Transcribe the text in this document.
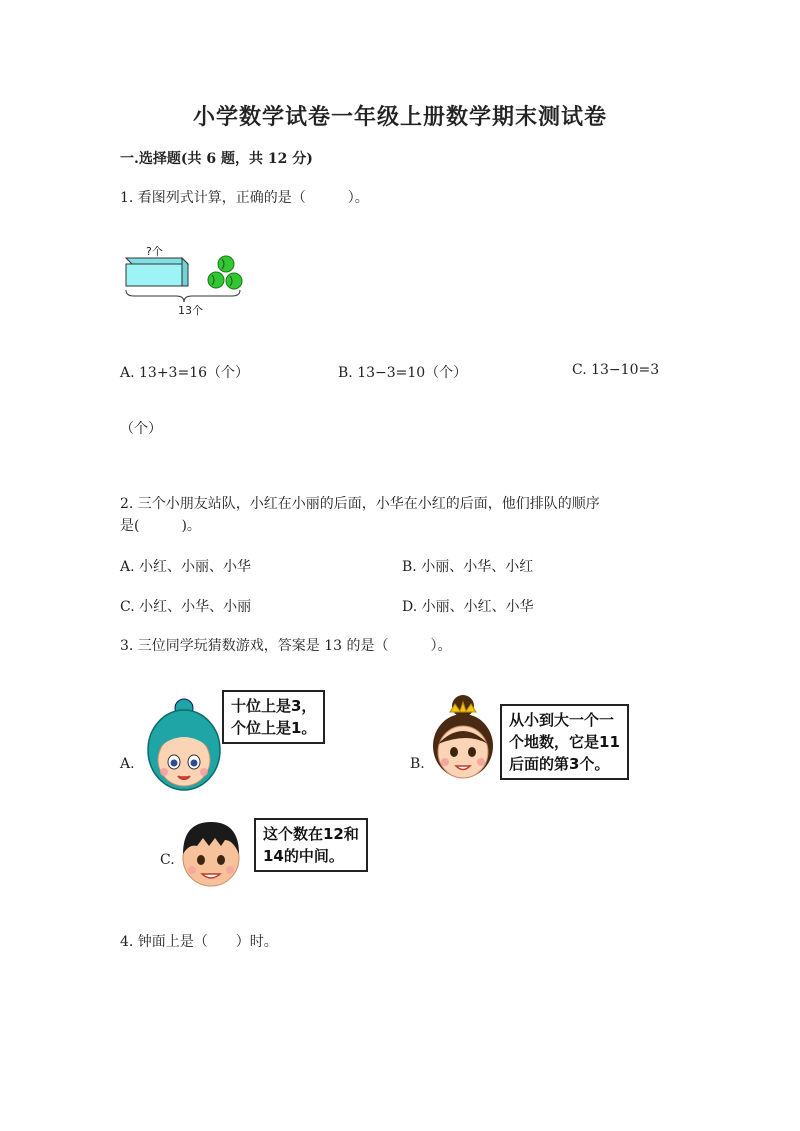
小学数学试卷一年级上册数学期末测试卷
一.选择题(共 6 题，共 12 分)
1. 看图列式计算，正确的是（　　　）。
?个
13个
A. 13+3=16（个）	B. 13−3=10（个）	C. 13−10=3
（个）
2. 三个小朋友站队，小红在小丽的后面，小华在小红的后面，他们排队的顺序
是(　　　)。
A. 小红、小丽、小华	B. 小丽、小华、小红
C. 小红、小华、小丽	D. 小丽、小红、小华
3. 三位同学玩猜数游戏，答案是 13 的是（　　　）。
A.
十位上是3，
个位上是1。
B.
从小到大一个一
个地数，它是11
后面的第3个。
C.
这个数在12和
14的中间。
4. 钟面上是（　　）时。
